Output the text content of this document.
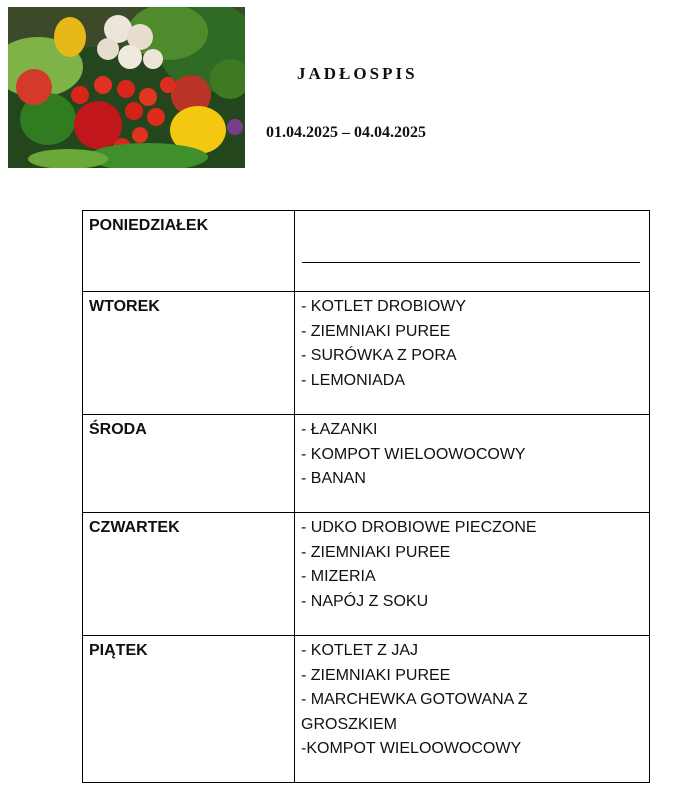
JADŁOSPIS
01.04.2025 – 04.04.2025
PONIEDZIAŁEK	

WTOREK	- KOTLET DROBIOWY
- ZIEMNIAKI PUREE
- SURÓWKA Z PORA
- LEMONIADA

ŚRODA	- ŁAZANKI
- KOMPOT WIELOOWOCOWY
- BANAN

CZWARTEK	- UDKO DROBIOWE PIECZONE
- ZIEMNIAKI PUREE
- MIZERIA
- NAPÓJ Z SOKU

PIĄTEK	- KOTLET Z JAJ
- ZIEMNIAKI PUREE
- MARCHEWKA GOTOWANA Z
GROSZKIEM
-KOMPOT WIELOOWOCOWY
